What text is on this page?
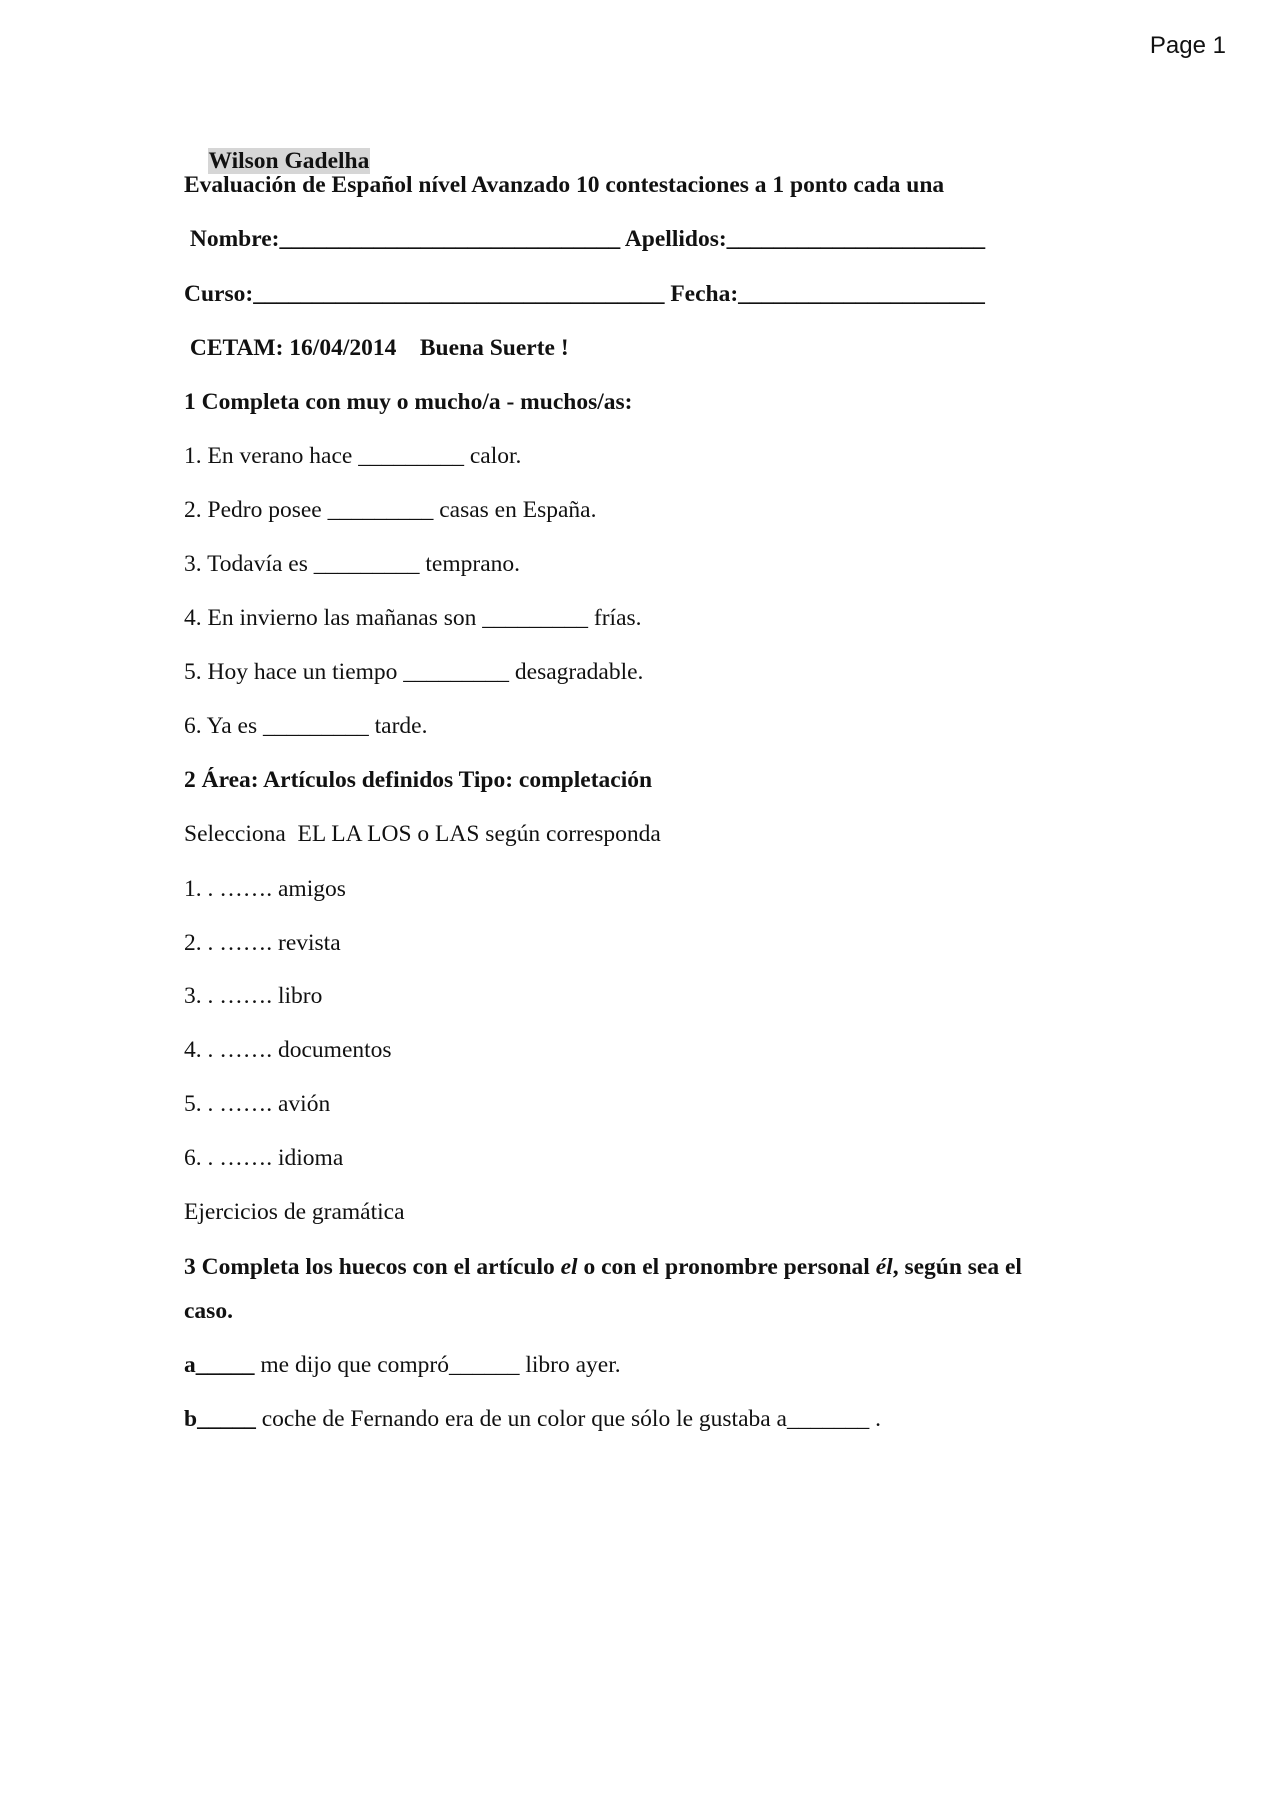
Page 1

Wilson Gadelha

Evaluación de Español nível Avanzado 10 contestaciones a 1 ponto cada una
Nombre:_____________________________ Apellidos:______________________
Curso:___________________________________ Fecha:_____________________
CETAM: 16/04/2014    Buena Suerte !
1 Completa con muy o mucho/a - muchos/as:
1. En verano hace _________ calor.
2. Pedro posee _________ casas en España.
3. Todavía es _________ temprano.
4. En invierno las mañanas son _________ frías.
5. Hoy hace un tiempo _________ desagradable.
6. Ya es _________ tarde.
2 Área: Artículos definidos Tipo: completación
Selecciona  EL LA LOS o LAS según corresponda
1. . ……. amigos
2. . ……. revista
3. . ……. libro
4. . ……. documentos
5. . ……. avión
6. . ……. idioma
Ejercicios de gramática
3 Completa los huecos con el artículo el o con el pronombre personal él, según sea el
caso.
a_____ me dijo que compró______ libro ayer.
b_____ coche de Fernando era de un color que sólo le gustaba a_______ .
